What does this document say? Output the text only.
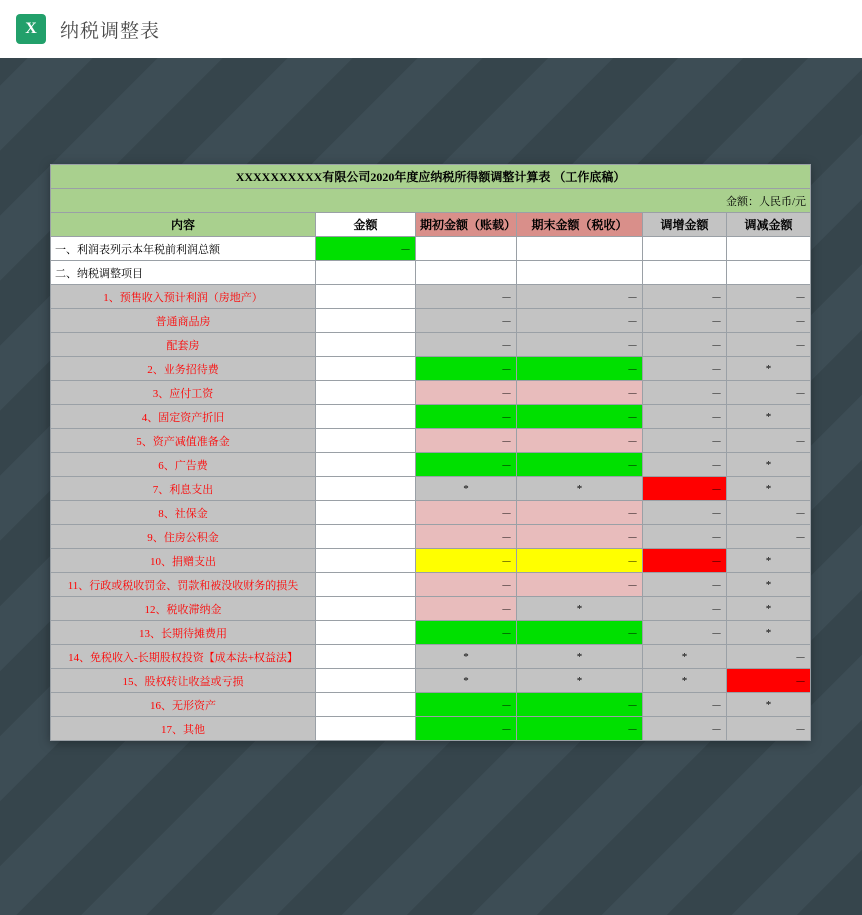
X	纳税调整表
XXXXXXXXXX有限公司2020年度应纳税所得额调整计算表 （工作底稿）					
金额：人民币/元					
内容	金额	期初金额（账载）	期末金额（税收）	调增金额	调减金额
一、利润表列示本年税前利润总额	－				
二、纳税调整项目					
1、预售收入预计利润（房地产）		－	－	－	－
普通商品房		－	－	－	－
配套房		－	－	－	－
2、业务招待费		－	－	－	*
3、应付工资		－	－	－	－
4、固定资产折旧		－	－	－	*
5、资产减值准备金		－	－	－	－
6、广告费		－	－	－	*
7、利息支出		*	*	－	*
8、社保金		－	－	－	－
9、住房公积金		－	－	－	－
10、捐赠支出		－	－	－	*
11、行政或税收罚金、罚款和被没收财务的损失		－	－	－	*
12、税收滞纳金		－	*	－	*
13、长期待摊费用		－	－	－	*
14、免税收入-长期股权投资【成本法+权益法】		*	*	*	－
15、股权转让收益或亏损		*	*	*	－
16、无形资产		－	－	－	*
17、其他		－	－	－	－
